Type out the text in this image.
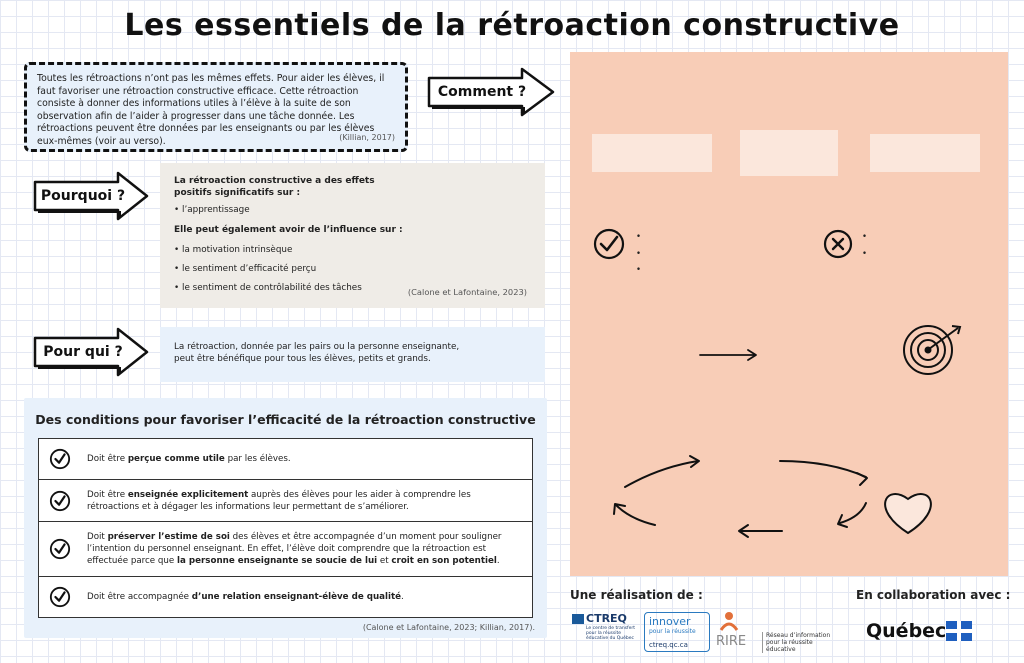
Les essentiels de la rétroaction constructive
Toutes les rétroactions n’ont pas les mêmes effets. Pour aider les élèves, il faut favoriser une rétroaction constructive efficace. Cette rétroaction consiste à donner des informations utiles à l’élève à la suite de son observation afin de l’aider à progresser dans une tâche donnée. Les rétroactions peuvent être données par les enseignants ou par les élèves eux-mêmes (voir au verso).	(Killian, 2017)
Comment ?
Pourquoi ?
Pour qui ?
La rétroaction constructive a des effets positifs significatifs sur :
• l’apprentissage
Elle peut également avoir de l’influence sur :
• la motivation intrinsèque
• le sentiment d’efficacité perçu
• le sentiment de contrôlabilité des tâches	(Calone et Lafontaine, 2023)
La rétroaction, donnée par les pairs ou la personne enseignante, peut être bénéfique pour tous les élèves, petits et grands.
Des conditions pour favoriser l’efficacité de la rétroaction constructive
Doit être perçue comme utile par les élèves.
Doit être enseignée explicitement auprès des élèves pour les aider à comprendre les rétroactions et à dégager les informations leur permettant de s’améliorer.
Doit préserver l’estime de soi des élèves et être accompagnée d’un moment pour souligner l’intention du personnel enseignant. En effet, l’élève doit comprendre que la rétroaction est effectuée parce que la personne enseignante se soucie de lui et croit en son potentiel.
Doit être accompagnée d’une relation enseignant-élève de qualité.
(Calone et Lafontaine, 2023; Killian, 2017).
•
•
•
•
•
Une réalisation de :	En collaboration avec :
CTREQ
Le centre de transfert pour la réussite éducative du Québec
innover
pour la réussite
ctreq.qc.ca RIRE	Réseau d’information pour la réussite éducative
Québec
